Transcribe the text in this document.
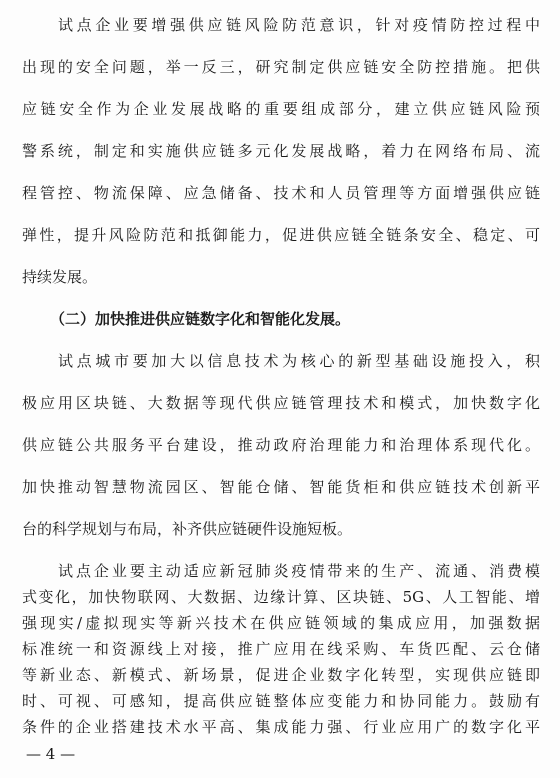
试点企业要增强供应链风险防范意识，针对疫情防控过程中
出现的安全问题，举一反三，研究制定供应链安全防控措施。把供
应链安全作为企业发展战略的重要组成部分，建立供应链风险预
警系统，制定和实施供应链多元化发展战略，着力在网络布局、流
程管控、物流保障、应急储备、技术和人员管理等方面增强供应链
弹性，提升风险防范和抵御能力，促进供应链全链条安全、稳定、可
持续发展。
（二）加快推进供应链数字化和智能化发展。
试点城市要加大以信息技术为核心的新型基础设施投入，积
极应用区块链、大数据等现代供应链管理技术和模式，加快数字化
供应链公共服务平台建设，推动政府治理能力和治理体系现代化。
加快推动智慧物流园区、智能仓储、智能货柜和供应链技术创新平
台的科学规划与布局，补齐供应链硬件设施短板。
试点企业要主动适应新冠肺炎疫情带来的生产、流通、消费模
式变化，加快物联网、大数据、边缘计算、区块链、5G、人工智能、增
强现实/虚拟现实等新兴技术在供应链领域的集成应用，加强数据
标准统一和资源线上对接，推广应用在线采购、车货匹配、云仓储
等新业态、新模式、新场景，促进企业数字化转型，实现供应链即
时、可视、可感知，提高供应链整体应变能力和协同能力。鼓励有
条件的企业搭建技术水平高、集成能力强、行业应用广的数字化平
— 4 —
